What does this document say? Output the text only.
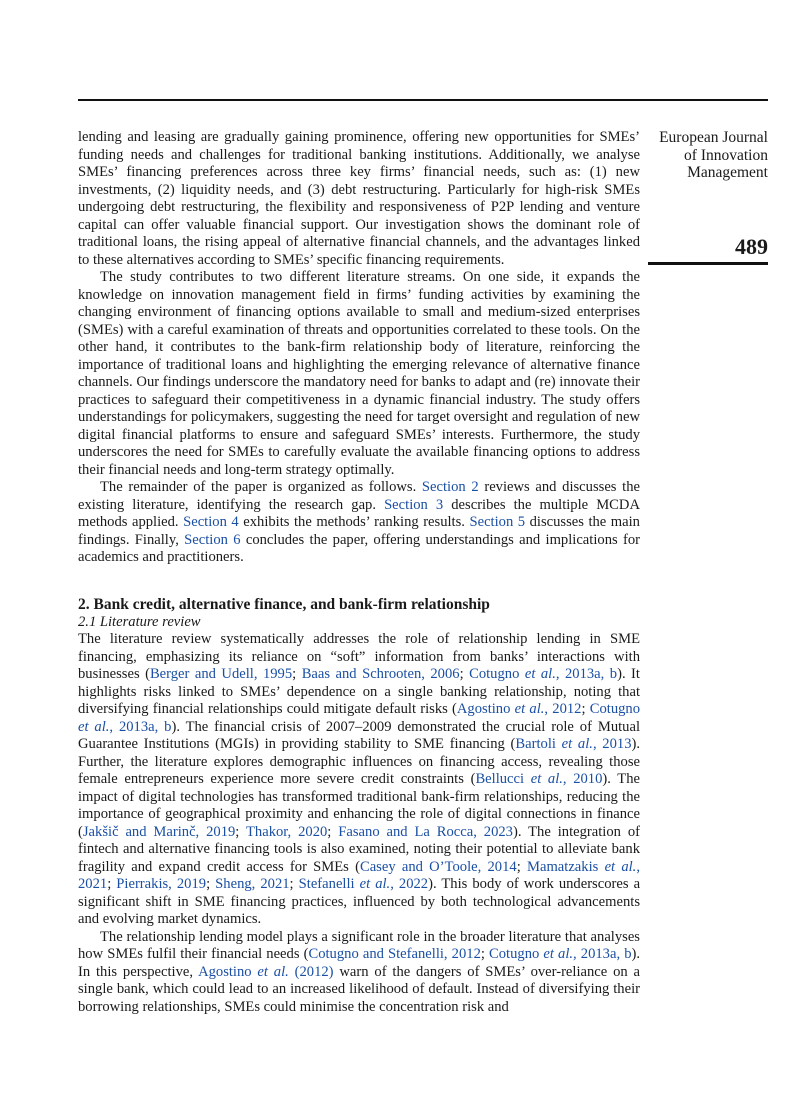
European Journal
of Innovation
Management
489

lending and leasing are gradually gaining prominence, offering new opportunities for SMEs’ funding needs and challenges for traditional banking institutions. Additionally, we analyse SMEs’ financing preferences across three key firms’ financial needs, such as: (1) new investments, (2) liquidity needs, and (3) debt restructuring. Particularly for high-risk SMEs undergoing debt restructuring, the flexibility and responsiveness of P2P lending and venture capital can offer valuable financial support. Our investigation shows the dominant role of traditional loans, the rising appeal of alternative financial channels, and the advantages linked to these alternatives according to SMEs’ specific financing requirements.

The study contributes to two different literature streams. On one side, it expands the knowledge on innovation management field in firms’ funding activities by examining the changing environment of financing options available to small and medium-sized enterprises (SMEs) with a careful examination of threats and opportunities correlated to these tools. On the other hand, it contributes to the bank-firm relationship body of literature, reinforcing the importance of traditional loans and highlighting the emerging relevance of alternative finance channels. Our findings underscore the mandatory need for banks to adapt and (re) innovate their practices to safeguard their competitiveness in a dynamic financial industry. The study offers understandings for policymakers, suggesting the need for target oversight and regulation of new digital financial platforms to ensure and safeguard SMEs’ interests. Furthermore, the study underscores the need for SMEs to carefully evaluate the available financing options to address their financial needs and long-term strategy optimally.

The remainder of the paper is organized as follows. Section 2 reviews and discusses the existing literature, identifying the research gap. Section 3 describes the multiple MCDA methods applied. Section 4 exhibits the methods’ ranking results. Section 5 discusses the main findings. Finally, Section 6 concludes the paper, offering understandings and implications for academics and practitioners.

2. Bank credit, alternative finance, and bank-firm relationship

2.1 Literature review

The literature review systematically addresses the role of relationship lending in SME financing, emphasizing its reliance on “soft” information from banks’ interactions with businesses (Berger and Udell, 1995; Baas and Schrooten, 2006; Cotugno et al., 2013a, b). It highlights risks linked to SMEs’ dependence on a single banking relationship, noting that diversifying financial relationships could mitigate default risks (Agostino et al., 2012; Cotugno et al., 2013a, b). The financial crisis of 2007–2009 demonstrated the crucial role of Mutual Guarantee Institutions (MGIs) in providing stability to SME financing (Bartoli et al., 2013). Further, the literature explores demographic influences on financing access, revealing those female entrepreneurs experience more severe credit constraints (Bellucci et al., 2010). The impact of digital technologies has transformed traditional bank-firm relationships, reducing the importance of geographical proximity and enhancing the role of digital connections in finance (Jakšič and Marinč, 2019; Thakor, 2020; Fasano and La Rocca, 2023). The integration of fintech and alternative financing tools is also examined, noting their potential to alleviate bank fragility and expand credit access for SMEs (Casey and O’Toole, 2014; Mamatzakis et al., 2021; Pierrakis, 2019; Sheng, 2021; Stefanelli et al., 2022). This body of work underscores a significant shift in SME financing practices, influenced by both technological advancements and evolving market dynamics.

The relationship lending model plays a significant role in the broader literature that analyses how SMEs fulfil their financial needs (Cotugno and Stefanelli, 2012; Cotugno et al., 2013a, b). In this perspective, Agostino et al. (2012) warn of the dangers of SMEs’ over-reliance on a single bank, which could lead to an increased likelihood of default. Instead of diversifying their borrowing relationships, SMEs could minimise the concentration risk and
